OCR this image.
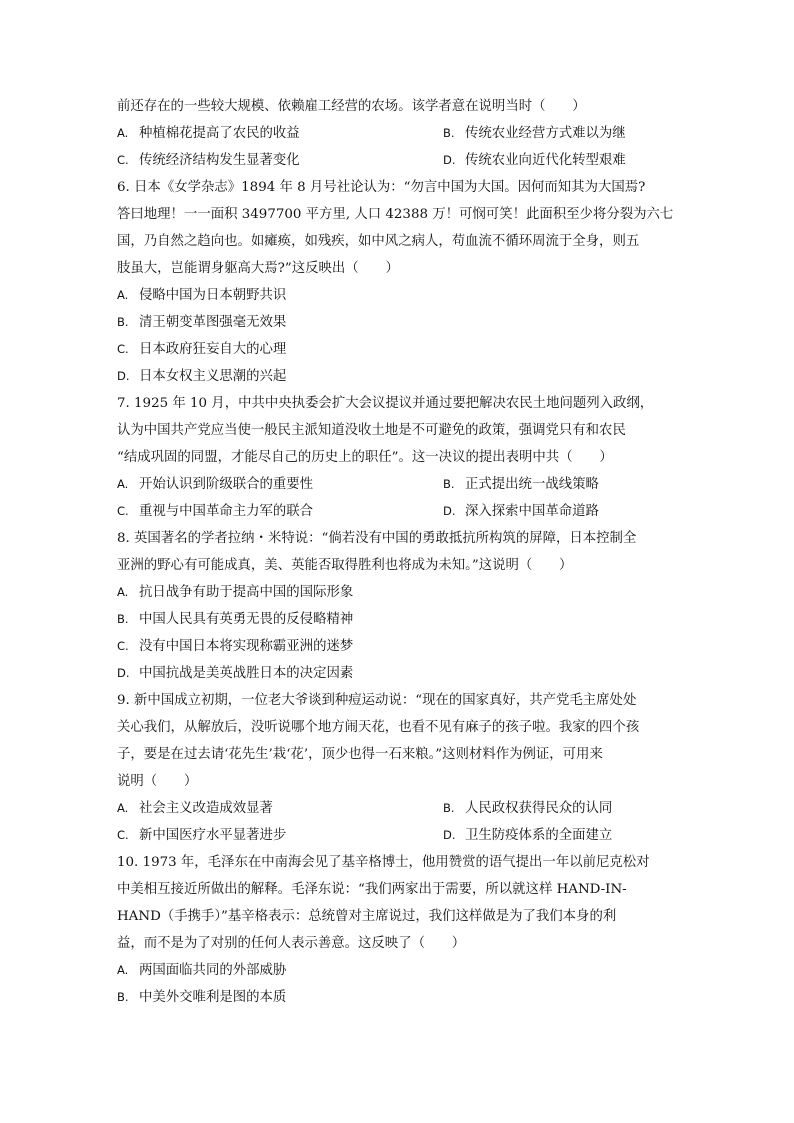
前还存在的一些较大规模、依赖雇工经营的农场。该学者意在说明当时（　　）
A. 种植棉花提高了农民的收益	B. 传统农业经营方式难以为继
C. 传统经济结构发生显著变化	D. 传统农业向近代化转型艰难
6. 日本《女学杂志》1894 年 8 月号社论认为：“勿言中国为大国。因何而知其为大国焉?
答曰地理！一一面积 3497700 平方里, 人口 42388 万！可悯可笑！此面积至少将分裂为六七
国，乃自然之趋向也。如瘫痪，如残疾，如中风之病人，苟血流不循环周流于全身，则五
肢虽大，岂能谓身躯高大焉?”这反映出（　　）
A. 侵略中国为日本朝野共识
B. 清王朝变革图强毫无效果
C. 日本政府狂妄自大的心理
D. 日本女权主义思潮的兴起
7. 1925 年 10 月，中共中央执委会扩大会议提议并通过要把解决农民土地问题列入政纲，
认为中国共产党应当使一般民主派知道没收土地是不可避免的政策，强调党只有和农民
“结成巩固的同盟，才能尽自己的历史上的职任”。这一决议的提出表明中共（　　）
A. 开始认识到阶级联合的重要性	B. 正式提出统一战线策略
C. 重视与中国革命主力军的联合	D. 深入探索中国革命道路
8. 英国著名的学者拉纳・米特说：“倘若没有中国的勇敢抵抗所构筑的屏障，日本控制全
亚洲的野心有可能成真，美、英能否取得胜利也将成为未知。”这说明（　　）
A. 抗日战争有助于提高中国的国际形象
B. 中国人民具有英勇无畏的反侵略精神
C. 没有中国日本将实现称霸亚洲的迷梦
D. 中国抗战是美英战胜日本的决定因素
9. 新中国成立初期，一位老大爷谈到种痘运动说：“现在的国家真好，共产党毛主席处处
关心我们，从解放后，没听说哪个地方闹天花，也看不见有麻子的孩子啦。我家的四个孩
子，要是在过去请‘花先生’栽‘花’，顶少也得一石来粮。”这则材料作为例证，可用来
说明（　　）
A. 社会主义改造成效显著	B. 人民政权获得民众的认同
C. 新中国医疗水平显著进步	D. 卫生防疫体系的全面建立
10. 1973 年，毛泽东在中南海会见了基辛格博士，他用赞赏的语气提出一年以前尼克松对
中美相互接近所做出的解释。毛泽东说：“我们两家出于需要，所以就这样 HAND-IN-
HAND（手携手）”基辛格表示：总统曾对主席说过，我们这样做是为了我们本身的利
益，而不是为了对别的任何人表示善意。这反映了（　　）
A. 两国面临共同的外部威胁
B. 中美外交唯利是图的本质
